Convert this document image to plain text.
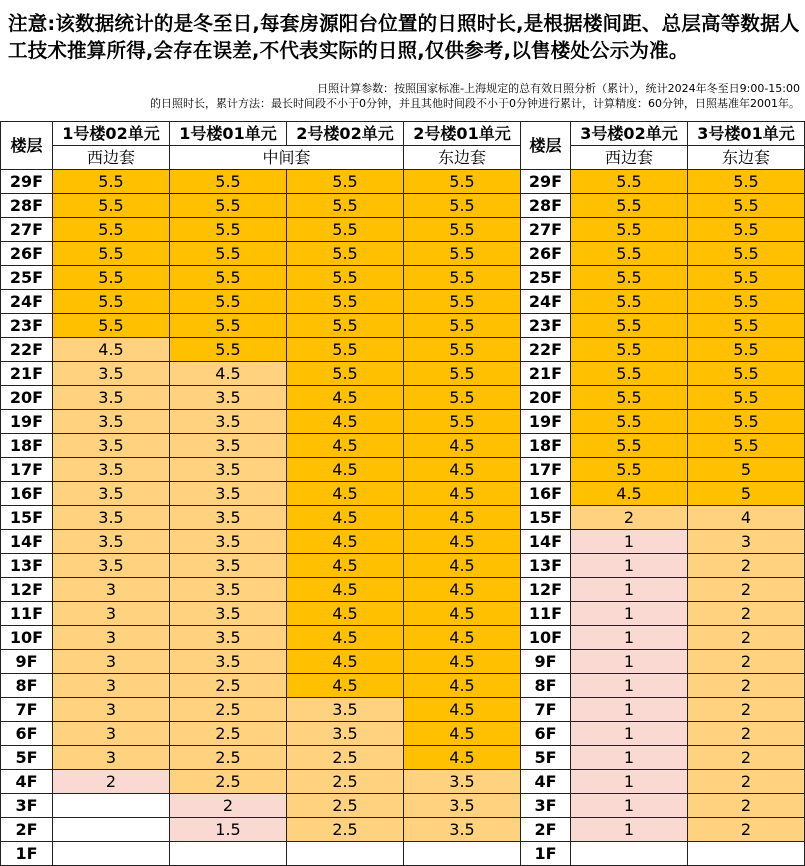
注意:该数据统计的是冬至日,每套房源阳台位置的日照时长,是根据楼间距、总层高等数据人工技术推算所得,会存在误差,不代表实际的日照,仅供参考,以售楼处公示为准。
日照计算参数：按照国家标准-上海规定的总有效日照分析（累计），统计2024年冬至日9:00-15:00
的日照时长，累计方法：最长时间段不小于0分钟，并且其他时间段不小于0分钟进行累计，计算精度：60分钟，日照基准年2001年。
楼层	1号楼02单元	1号楼01单元	2号楼02单元	2号楼01单元
	西边套	中间套		东边套
29F	5.5	5.5	5.5	5.5
28F	5.5	5.5	5.5	5.5
27F	5.5	5.5	5.5	5.5
26F	5.5	5.5	5.5	5.5
25F	5.5	5.5	5.5	5.5
24F	5.5	5.5	5.5	5.5
23F	5.5	5.5	5.5	5.5
22F	4.5	5.5	5.5	5.5
21F	3.5	4.5	5.5	5.5
20F	3.5	3.5	4.5	5.5
19F	3.5	3.5	4.5	5.5
18F	3.5	3.5	4.5	4.5
17F	3.5	3.5	4.5	4.5
16F	3.5	3.5	4.5	4.5
15F	3.5	3.5	4.5	4.5
14F	3.5	3.5	4.5	4.5
13F	3.5	3.5	4.5	4.5
12F	3	3.5	4.5	4.5
11F	3	3.5	4.5	4.5
10F	3	3.5	4.5	4.5
9F	3	3.5	4.5	4.5
8F	3	2.5	4.5	4.5
7F	3	2.5	3.5	4.5
6F	3	2.5	3.5	4.5
5F	3	2.5	2.5	4.5
4F	2	2.5	2.5	3.5
3F		2	2.5	3.5
2F		1.5	2.5	3.5
1F				
楼层	3号楼02单元	3号楼01单元
	西边套	东边套
29F	5.5	5.5
28F	5.5	5.5
27F	5.5	5.5
26F	5.5	5.5
25F	5.5	5.5
24F	5.5	5.5
23F	5.5	5.5
22F	5.5	5.5
21F	5.5	5.5
20F	5.5	5.5
19F	5.5	5.5
18F	5.5	5.5
17F	5.5	5
16F	4.5	5
15F	2	4
14F	1	3
13F	1	2
12F	1	2
11F	1	2
10F	1	2
9F	1	2
8F	1	2
7F	1	2
6F	1	2
5F	1	2
4F	1	2
3F	1	2
2F	1	2
1F		
